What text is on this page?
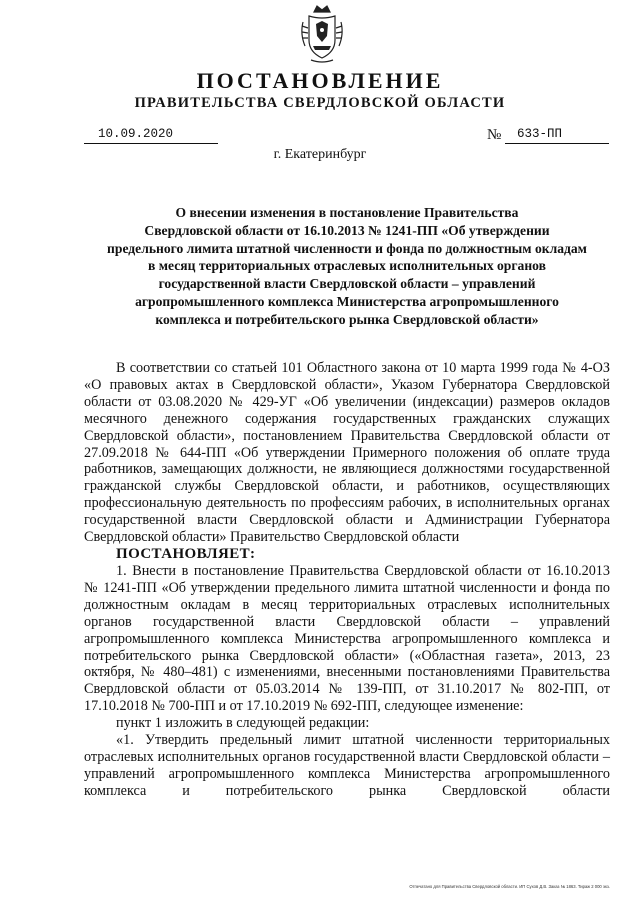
ПОСТАНОВЛЕНИЕ
ПРАВИТЕЛЬСТВА СВЕРДЛОВСКОЙ ОБЛАСТИ
10.09.2020	№	633-ПП
г. Екатеринбург
О внесении изменения в постановление Правительства
Свердловской области от 16.10.2013 № 1241-ПП «Об утверждении
предельного лимита штатной численности и фонда по должностным окладам
в месяц территориальных отраслевых исполнительных органов
государственной власти Свердловской области – управлений
агропромышленного комплекса Министерства агропромышленного
комплекса и потребительского рынка Свердловской области»

В соответствии со статьей 101 Областного закона от 10 марта 1999 года № 4-ОЗ «О правовых актах в Свердловской области», Указом Губернатора Свердловской области от 03.08.2020 № 429-УГ «Об увеличении (индексации) размеров окладов месячного денежного содержания государственных гражданских служащих Свердловской области», постановлением Правительства Свердловской области от 27.09.2018 № 644-ПП «Об утверждении Примерного положения об оплате труда работников, замещающих должности, не являющиеся должностями государственной гражданской службы Свердловской области, и работников, осуществляющих профессиональную деятельность по профессиям рабочих, в исполнительных органах государственной власти Свердловской области и Администрации Губернатора Свердловской области» Правительство Свердловской области

ПОСТАНОВЛЯЕТ:

1. Внести в постановление Правительства Свердловской области от 16.10.2013 № 1241-ПП «Об утверждении предельного лимита штатной численности и фонда по должностным окладам в месяц территориальных отраслевых исполнительных органов государственной власти Свердловской области – управлений агропромышленного комплекса Министерства агропромышленного комплекса и потребительского рынка Свердловской области» («Областная газета», 2013, 23 октября, № 480–481) с изменениями, внесенными постановлениями Правительства Свердловской области от 05.03.2014 № 139-ПП, от 31.10.2017 № 802-ПП, от 17.10.2018 № 700-ПП и от 17.10.2019 № 692-ПП, следующее изменение:

пункт 1 изложить в следующей редакции:

«1. Утвердить предельный лимит штатной численности территориальных отраслевых исполнительных органов государственной власти Свердловской области – управлений агропромышленного комплекса Министерства агропромышленного комплекса и потребительского рынка Свердловской области

Отпечатано для Правительства Свердловской области. ИП Сухов Д.В. Заказ № 1863. Тираж 2 000 экз.
